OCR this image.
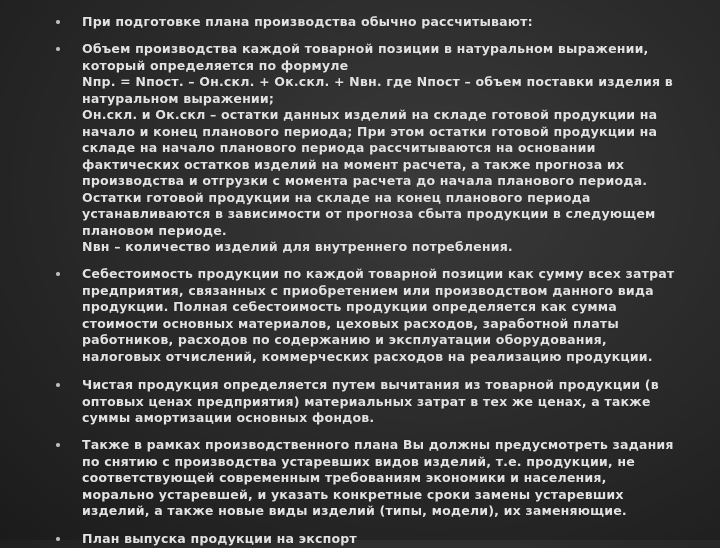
При подготовке плана производства обычно рассчитывают:
Объем производства каждой товарной позиции в натуральном выражении,
который определяется по формуле
Nпр. = Nпост. – Он.скл. + Ок.скл. + Nвн. где Nпост – объем поставки изделия в
натуральном выражении;
Он.скл. и Ок.скл – остатки данных изделий на складе готовой продукции на
начало и конец планового периода; При этом остатки готовой продукции на
складе на начало планового периода рассчитываются на основании
фактических остатков изделий на момент расчета, а также прогноза их
производства и отгрузки с момента расчета до начала планового периода.
Остатки готовой продукции на складе на конец планового периода
устанавливаются в зависимости от прогноза сбыта продукции в следующем
плановом периоде.
Nвн – количество изделий для внутреннего потребления.
Себестоимость продукции по каждой товарной позиции как сумму всех затрат
предприятия, связанных с приобретением или производством данного вида
продукции. Полная себестоимость продукции определяется как сумма
стоимости основных материалов, цеховых расходов, заработной платы
работников, расходов по содержанию и эксплуатации оборудования,
налоговых отчислений, коммерческих расходов на реализацию продукции.
Чистая продукция определяется путем вычитания из товарной продукции (в
оптовых ценах предприятия) материальных затрат в тех же ценах, а также
суммы амортизации основных фондов.
Также в рамках производственного плана Вы должны предусмотреть задания
по снятию с производства устаревших видов изделий, т.е. продукции, не
соответствующей современным требованиям экономики и населения,
морально устаревшей, и указать конкретные сроки замены устаревших
изделий, а также новые виды изделий (типы, модели), их заменяющие.
План выпуска продукции на экспорт
